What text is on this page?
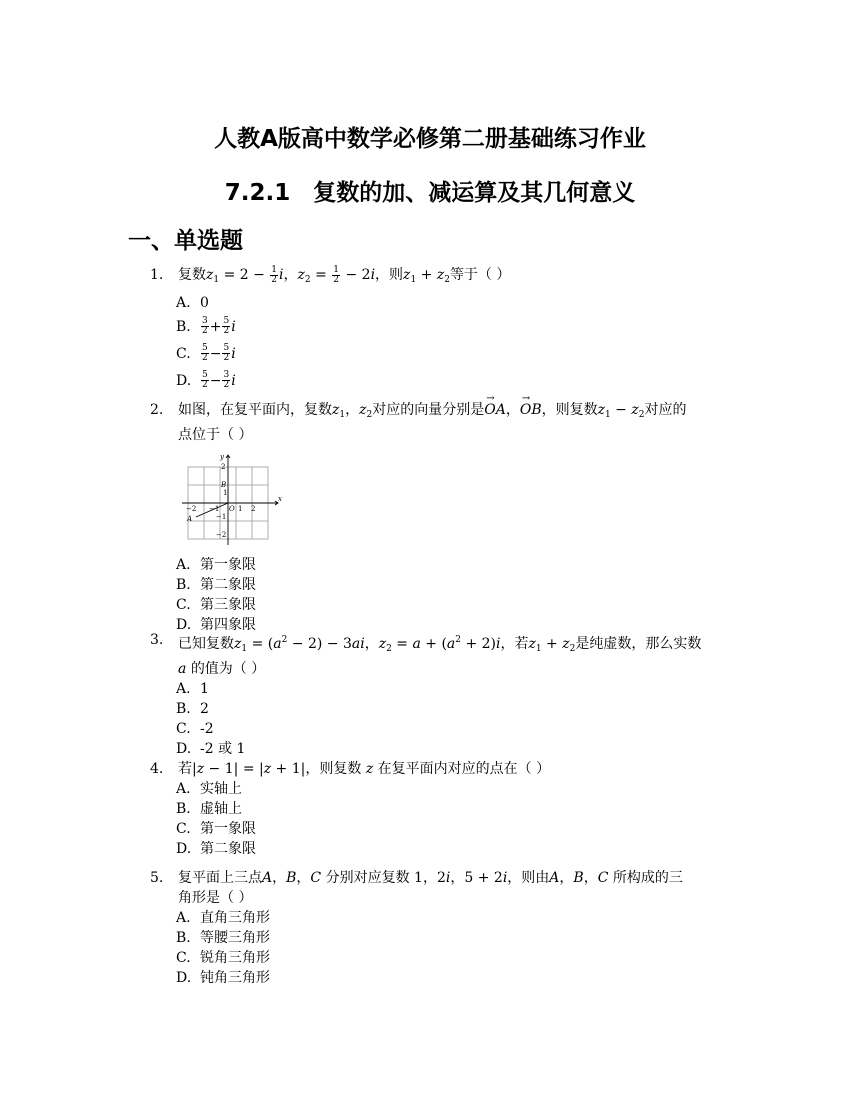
人教A版高中数学必修第二册基础练习作业
7.2.1　复数的加、减运算及其几何意义
一、单选题
1. 复数$z_1 = 2 - \frac{1}{2}$ i，$z_2 = \frac{1}{2} - 2i$，则$z_1 + z_2$等于（ ）
A. 0
B.	$\frac{3}{2} + \frac{5}{2}$ i
C.	$\frac{5}{2} - \frac{5}{2}$ i
D.	$\frac{5}{2} - \frac{3}{2}$ i
2. 如图，在复平面内，复数$z_1$，$z_2$对应的向量分别是→ OA，→ OB，则复数$z_1 - z_2$对应的
点位于（ ）
y
x
2
B
1
−2 −1 O 1 2
−1
A
−2
A. 第一象限
B. 第二象限
C. 第三象限
D. 第四象限
3. 已知复数$z_1 = (a^2 - 2) - 3ai$，$z_2 = a + (a^2 + 2)i$，若$z_1 + z_2$是纯虚数，那么实数
a 的值为（ ）
A. 1
B. 2
C. -2
D. -2 或 1
4. 若|z − 1| = |z + 1|，则复数 z 在复平面内对应的点在（ ）
A. 实轴上
B. 虚轴上
C. 第一象限
D. 第二象限
5. 复平面上三点A，B，C 分别对应复数 1，2i，5 + 2i，则由A，B，C 所构成的三
角形是（ ）
A. 直角三角形
B. 等腰三角形
C. 锐角三角形
D. 钝角三角形
